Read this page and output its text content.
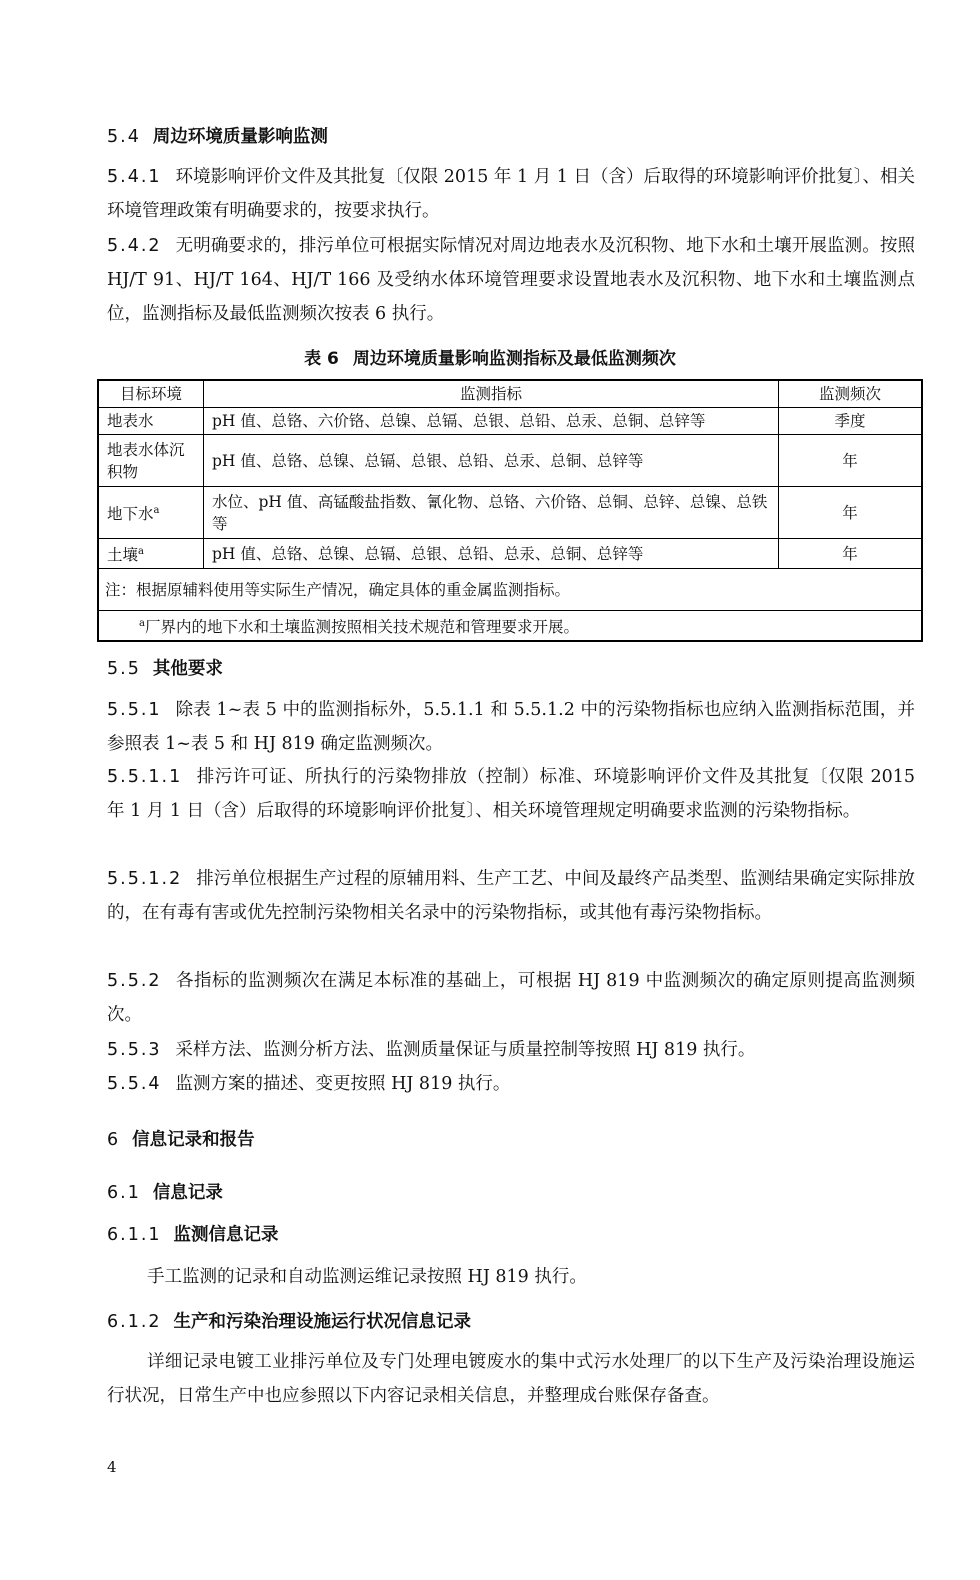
5.4 周边环境质量影响监测
5.4.1 环境影响评价文件及其批复〔仅限 2015 年 1 月 1 日（含）后取得的环境影响评价批复〕、相关环境管理政策有明确要求的，按要求执行。
5.4.2 无明确要求的，排污单位可根据实际情况对周边地表水及沉积物、地下水和土壤开展监测。按照 HJ/T 91、HJ/T 164、HJ/T 166 及受纳水体环境管理要求设置地表水及沉积物、地下水和土壤监测点位，监测指标及最低监测频次按表 6 执行。
表 6 周边环境质量影响监测指标及最低监测频次
目标环境	监测指标	监测频次
地表水	pH 值、总铬、六价铬、总镍、总镉、总银、总铅、总汞、总铜、总锌等	季度
地表水体沉积物	pH 值、总铬、总镍、总镉、总银、总铅、总汞、总铜、总锌等	年
地下水$^a$	水位、pH 值、高锰酸盐指数、氰化物、总铬、六价铬、总铜、总锌、总镍、总铁等	年
土壤$^a$	pH 值、总铬、总镍、总镉、总银、总铅、总汞、总铜、总锌等	年
注：根据原辅料使用等实际生产情况，确定具体的重金属监测指标。		
$^a$厂界内的地下水和土壤监测按照相关技术规范和管理要求开展。		
5.5 其他要求
5.5.1 除表 1~表 5 中的监测指标外，5.5.1.1 和 5.5.1.2 中的污染物指标也应纳入监测指标范围，并参照表 1~表 5 和 HJ 819 确定监测频次。
5.5.1.1 排污许可证、所执行的污染物排放（控制）标准、环境影响评价文件及其批复〔仅限 2015 年 1 月 1 日（含）后取得的环境影响评价批复〕、相关环境管理规定明确要求监测的污染物指标。
5.5.1.2 排污单位根据生产过程的原辅用料、生产工艺、中间及最终产品类型、监测结果确定实际排放的，在有毒有害或优先控制污染物相关名录中的污染物指标，或其他有毒污染物指标。
5.5.2 各指标的监测频次在满足本标准的基础上，可根据 HJ 819 中监测频次的确定原则提高监测频次。
5.5.3 采样方法、监测分析方法、监测质量保证与质量控制等按照 HJ 819 执行。
5.5.4 监测方案的描述、变更按照 HJ 819 执行。
6 信息记录和报告
6.1 信息记录
6.1.1 监测信息记录
手工监测的记录和自动监测运维记录按照 HJ 819 执行。
6.1.2 生产和污染治理设施运行状况信息记录
详细记录电镀工业排污单位及专门处理电镀废水的集中式污水处理厂的以下生产及污染治理设施运行状况，日常生产中也应参照以下内容记录相关信息，并整理成台账保存备查。
4
